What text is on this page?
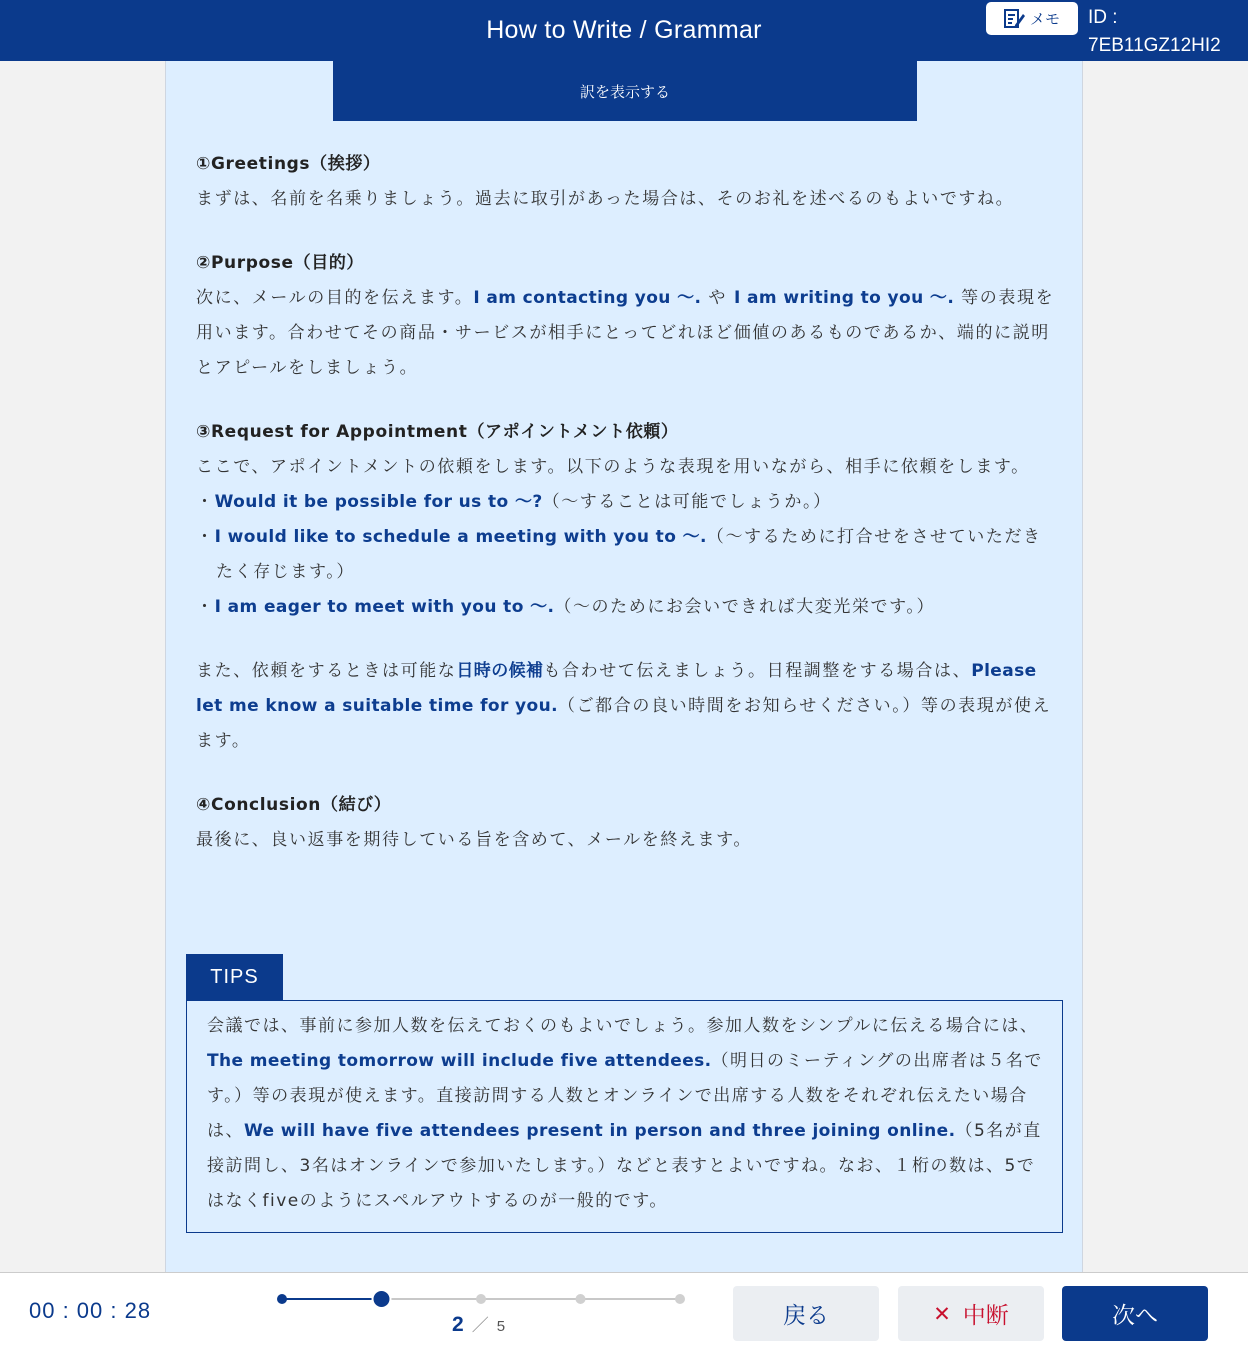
How to Write / Grammar	メモ ID :
7EB11GZ12HI2
訳を表示する

①Greetings（挨拶）

まずは、名前を名乗りましょう。過去に取引があった場合は、そのお礼を述べるのもよいですね。

②Purpose（目的）

次に、メールの目的を伝えます。I am contacting you ～. や I am writing to you ～. 等の表現を用います。合わせてその商品・サービスが相手にとってどれほど価値のあるものであるか、端的に説明とアピールをしましょう。

③Request for Appointment（アポイントメント依頼）

ここで、アポイントメントの依頼をします。以下のような表現を用いながら、相手に依頼をします。

・Would it be possible for us to ～?（～することは可能でしょうか。）

・I would like to schedule a meeting with you to ～.（～するために打合せをさせていただきたく存じます。）

・I am eager to meet with you to ～.（～のためにお会いできれば大変光栄です。）

また、依頼をするときは可能な日時の候補も合わせて伝えましょう。日程調整をする場合は、Please let me know a suitable time for you.（ご都合の良い時間をお知らせください。）等の表現が使えます。

④Conclusion（結び）

最後に、良い返事を期待している旨を含めて、メールを終えます。

TIPS

会議では、事前に参加人数を伝えておくのもよいでしょう。参加人数をシンプルに伝える場合には、The meeting tomorrow will include five attendees.（明日のミーティングの出席者は５名です。）等の表現が使えます。直接訪問する人数とオンラインで出席する人数をそれぞれ伝えたい場合は、We will have five attendees present in person and three joining online.（5名が直接訪問し、3名はオンラインで参加いたします。）などと表すとよいですね。なお、１桁の数は、5ではなくfiveのようにスペルアウトするのが一般的です。

00 : 00 : 28
2 ／ 5	戻る	✕ 中断	次へ
